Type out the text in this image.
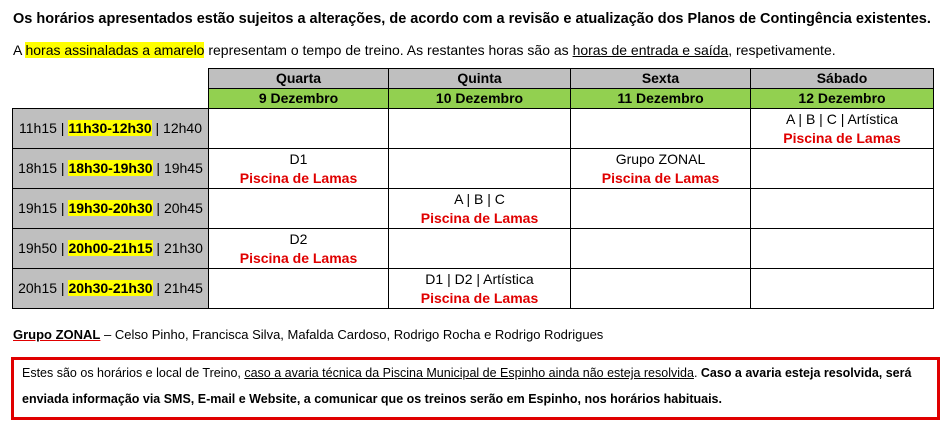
Os horários apresentados estão sujeitos a alterações, de acordo com a revisão e atualização dos Planos de Contingência existentes.
A horas assinaladas a amarelo representam o tempo de treino. As restantes horas são as horas de entrada e saída, respetivamente.
	Quarta	Quinta	Sexta	Sábado
	9 Dezembro	10 Dezembro	11 Dezembro	12 Dezembro
11h15 | 11h30-12h30 | 12h40				A | B | C | Artística
Piscina de Lamas

18h15 | 18h30-19h30 | 19h45	D1
Piscina de Lamas		Grupo ZONAL
Piscina de Lamas	

19h15 | 19h30-20h30 | 20h45		A | B | C
Piscina de Lamas		

19h50 | 20h00-21h15 | 21h30	D2
Piscina de Lamas			

20h15 | 20h30-21h30 | 21h45		D1 | D2 | Artística
Piscina de Lamas		

Grupo ZONAL – Celso Pinho, Francisca Silva, Mafalda Cardoso, Rodrigo Rocha e Rodrigo Rodrigues
Estes são os horários e local de Treino, caso a avaria técnica da Piscina Municipal de Espinho ainda não esteja resolvida. Caso a avaria esteja resolvida, será enviada informação via SMS, E-mail e Website, a comunicar que os treinos serão em Espinho, nos horários habituais.
